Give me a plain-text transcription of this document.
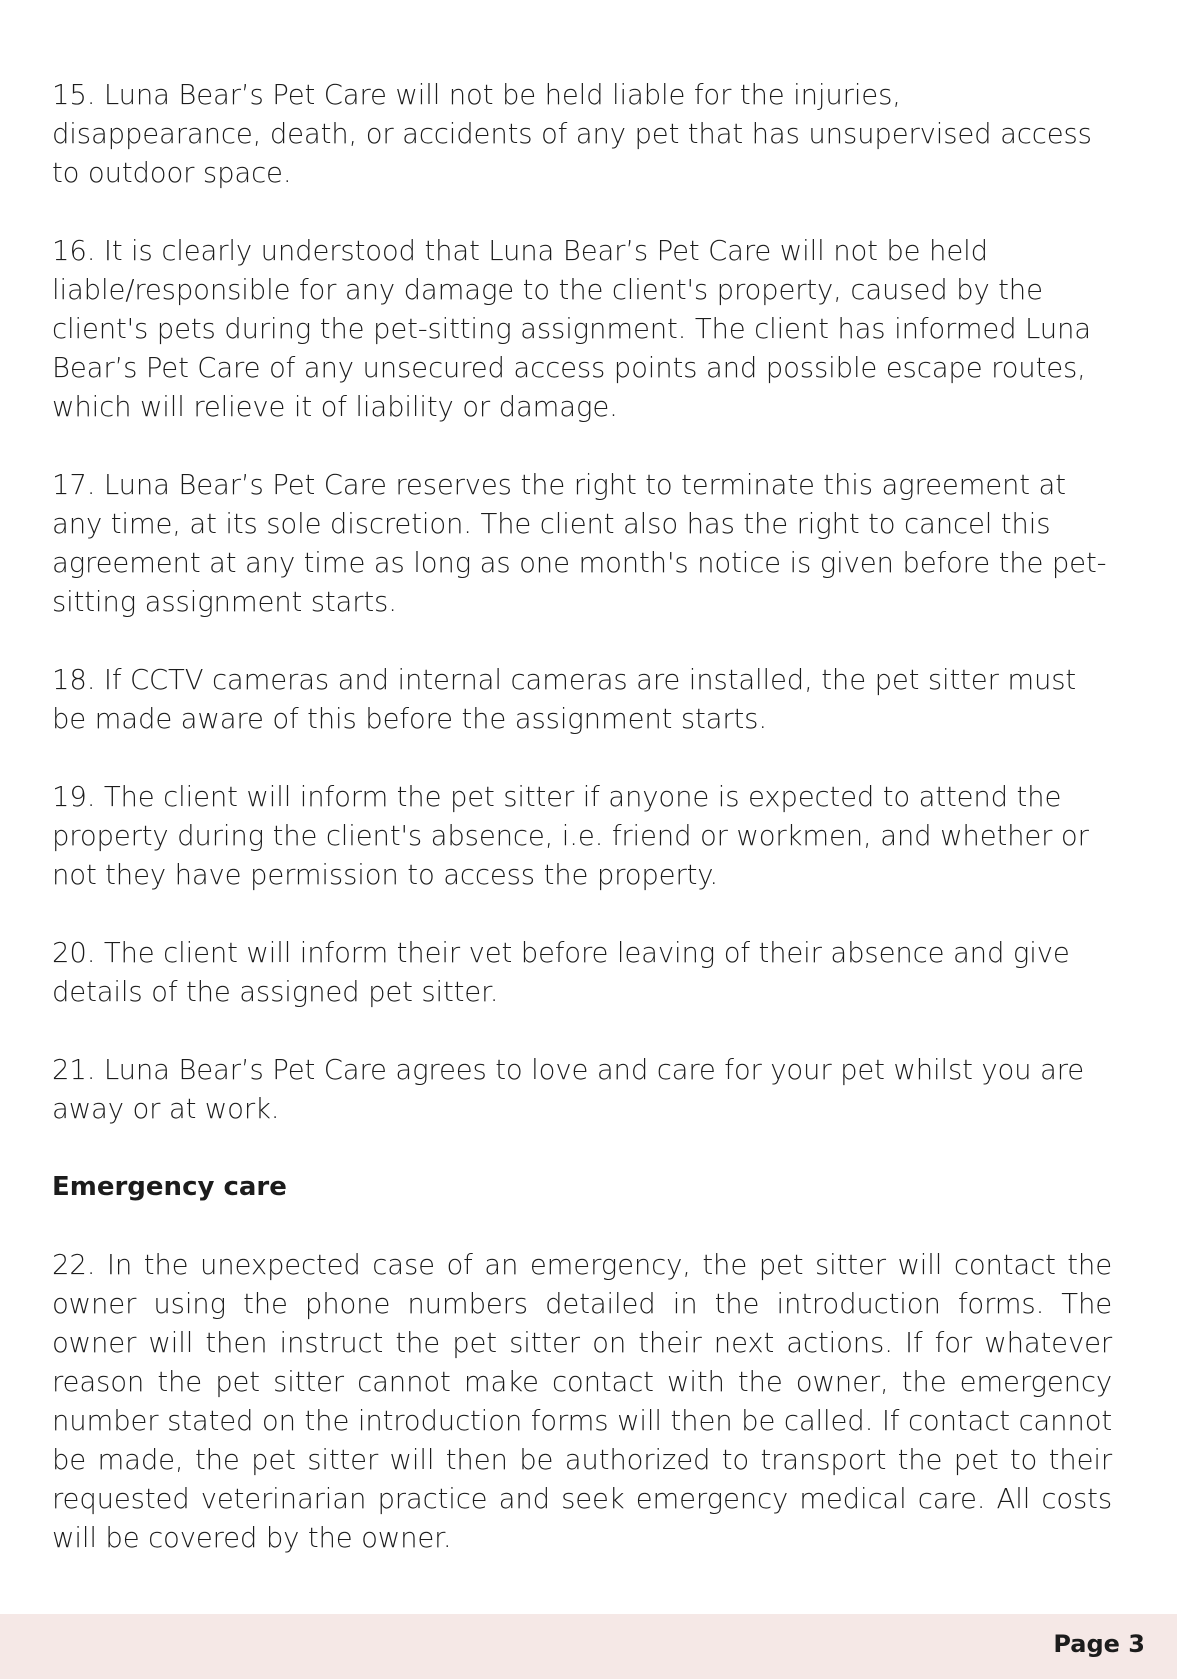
15. Luna Bear’s Pet Care will not be held liable for the injuries, disappearance, death, or accidents of any pet that has unsupervised access to outdoor space.

16. It is clearly understood that Luna Bear’s Pet Care will not be held liable/responsible for any damage to the client's property, caused by the client's pets during the pet-sitting assignment. The client has informed Luna Bear’s Pet Care of any unsecured access points and possible escape routes, which will relieve it of liability or damage.

17. Luna Bear’s Pet Care reserves the right to terminate this agreement at any time, at its sole discretion. The client also has the right to cancel this agreement at any time as long as one month's notice is given before the pet-sitting assignment starts.

18. If CCTV cameras and internal cameras are installed, the pet sitter must be made aware of this before the assignment starts.

19. The client will inform the pet sitter if anyone is expected to attend the property during the client's absence, i.e. friend or workmen, and whether or not they have permission to access the property.

20. The client will inform their vet before leaving of their absence and give details of the assigned pet sitter.

21. Luna Bear’s Pet Care agrees to love and care for your pet whilst you are away or at work.

Emergency care

22. In the unexpected case of an emergency, the pet sitter will contact the owner using the phone numbers detailed in the introduction forms. The owner will then instruct the pet sitter on their next actions. If for whatever reason the pet sitter cannot make contact with the owner, the emergency number stated on the introduction forms will then be called. If contact cannot be made, the pet sitter will then be authorized to transport the pet to their requested veterinarian practice and seek emergency medical care. All costs will be covered by the owner.

Page 3
